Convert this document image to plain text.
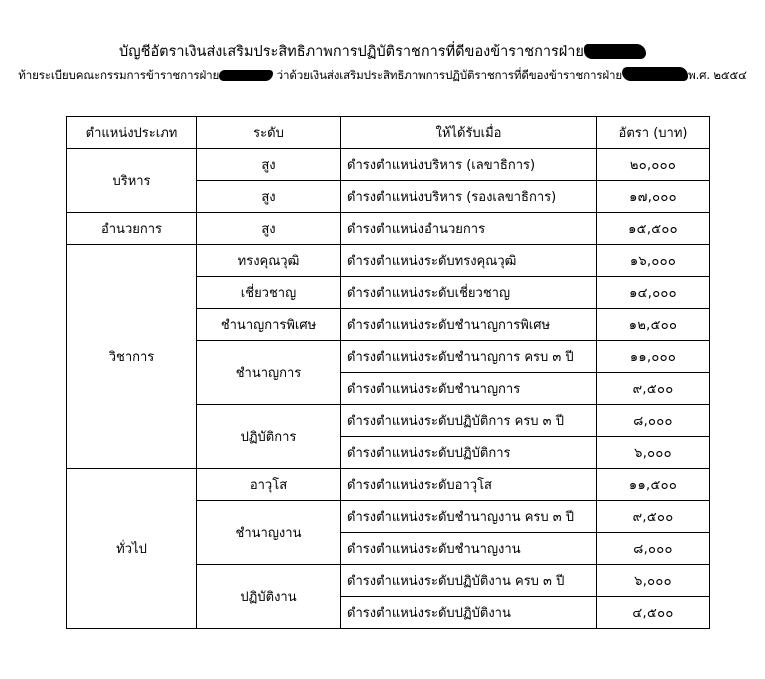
บัญชีอัตราเงินส่งเสริมประสิทธิภาพการปฏิบัติราชการที่ดีของข้าราชการฝ่าย
ท้ายระเบียบคณะกรรมการข้าราชการฝ่าย	ว่าด้วยเงินส่งเสริมประสิทธิภาพการปฏิบัติราชการที่ดีของข้าราชการฝ่าย	พ.ศ. ๒๕๕๔
ตำแหน่งประเภท	ระดับ	ให้ได้รับเมื่อ	อัตรา (บาท)
บริหาร	สูง	ดำรงตำแหน่งบริหาร (เลขาธิการ)	๒๐,๐๐๐
	สูง	ดำรงตำแหน่งบริหาร (รองเลขาธิการ)	๑๗,๐๐๐
อำนวยการ	สูง	ดำรงตำแหน่งอำนวยการ	๑๕,๕๐๐
วิชาการ	ทรงคุณวุฒิ	ดำรงตำแหน่งระดับทรงคุณวุฒิ	๑๖,๐๐๐
	เชี่ยวชาญ	ดำรงตำแหน่งระดับเชี่ยวชาญ	๑๔,๐๐๐
	ชำนาญการพิเศษ	ดำรงตำแหน่งระดับชำนาญการพิเศษ	๑๒,๕๐๐
	ชำนาญการ	ดำรงตำแหน่งระดับชำนาญการ ครบ ๓ ปี	๑๑,๐๐๐
		ดำรงตำแหน่งระดับชำนาญการ	๙,๕๐๐
	ปฏิบัติการ	ดำรงตำแหน่งระดับปฏิบัติการ ครบ ๓ ปี	๘,๐๐๐
		ดำรงตำแหน่งระดับปฏิบัติการ	๖,๐๐๐
ทั่วไป	อาวุโส	ดำรงตำแหน่งระดับอาวุโส	๑๑,๕๐๐
	ชำนาญงาน	ดำรงตำแหน่งระดับชำนาญงาน ครบ ๓ ปี	๙,๕๐๐
		ดำรงตำแหน่งระดับชำนาญงาน	๘,๐๐๐
	ปฏิบัติงาน	ดำรงตำแหน่งระดับปฏิบัติงาน ครบ ๓ ปี	๖,๐๐๐
		ดำรงตำแหน่งระดับปฏิบัติงาน	๔,๕๐๐
